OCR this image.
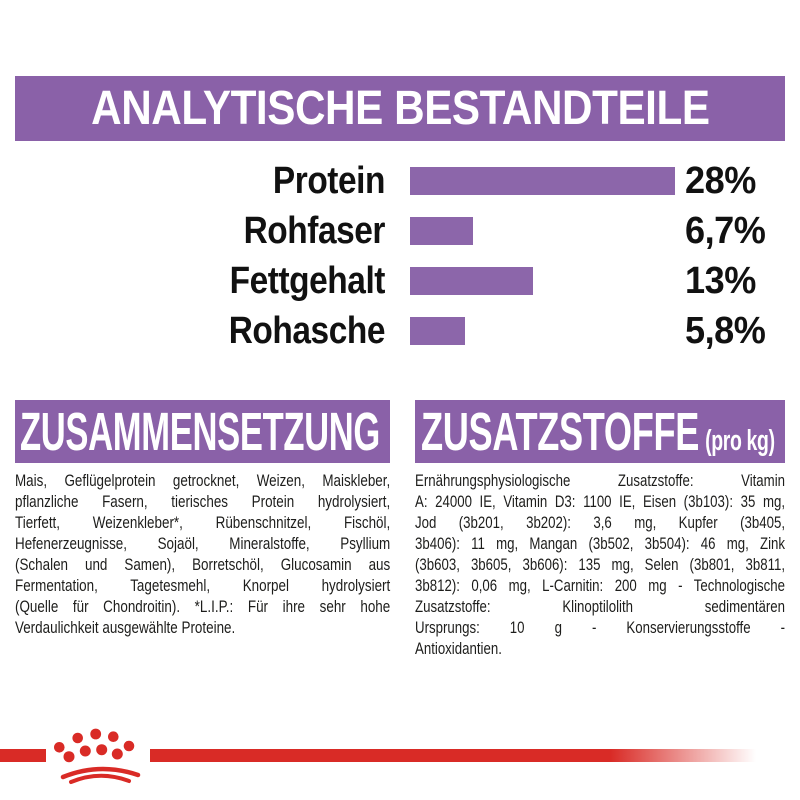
ANALYTISCHE BESTANDTEILE
Protein	28%
Rohfaser	6,7%
Fettgehalt	13%
Rohasche	5,8%
ZUSAMMENSETZUNG
Mais, Geflügelprotein getrocknet, Weizen, Maiskleber,
pflanzliche Fasern, tierisches Protein hydrolysiert,
Tierfett, Weizenkleber*, Rübenschnitzel, Fischöl,
Hefenerzeugnisse, Sojaöl, Mineralstoffe, Psyllium
(Schalen und Samen), Borretschöl, Glucosamin aus
Fermentation, Tagetesmehl, Knorpel hydrolysiert
(Quelle für Chondroitin). *L.I.P.: Für ihre sehr hohe
Verdaulichkeit ausgewählte Proteine.
ZUSATZSTOFFE (pro kg)
Ernährungsphysiologische Zusatzstoffe: Vitamin
A: 24000 IE, Vitamin D3: 1100 IE, Eisen (3b103): 35 mg,
Jod (3b201, 3b202): 3,6 mg, Kupfer (3b405,
3b406): 11 mg, Mangan (3b502, 3b504): 46 mg, Zink
(3b603, 3b605, 3b606): 135 mg, Selen (3b801, 3b811,
3b812): 0,06 mg, L-Carnitin: 200 mg - Technologische
Zusatzstoffe: Klinoptilolith sedimentären
Ursprungs: 10 g - Konservierungsstoffe -
Antioxidantien.
